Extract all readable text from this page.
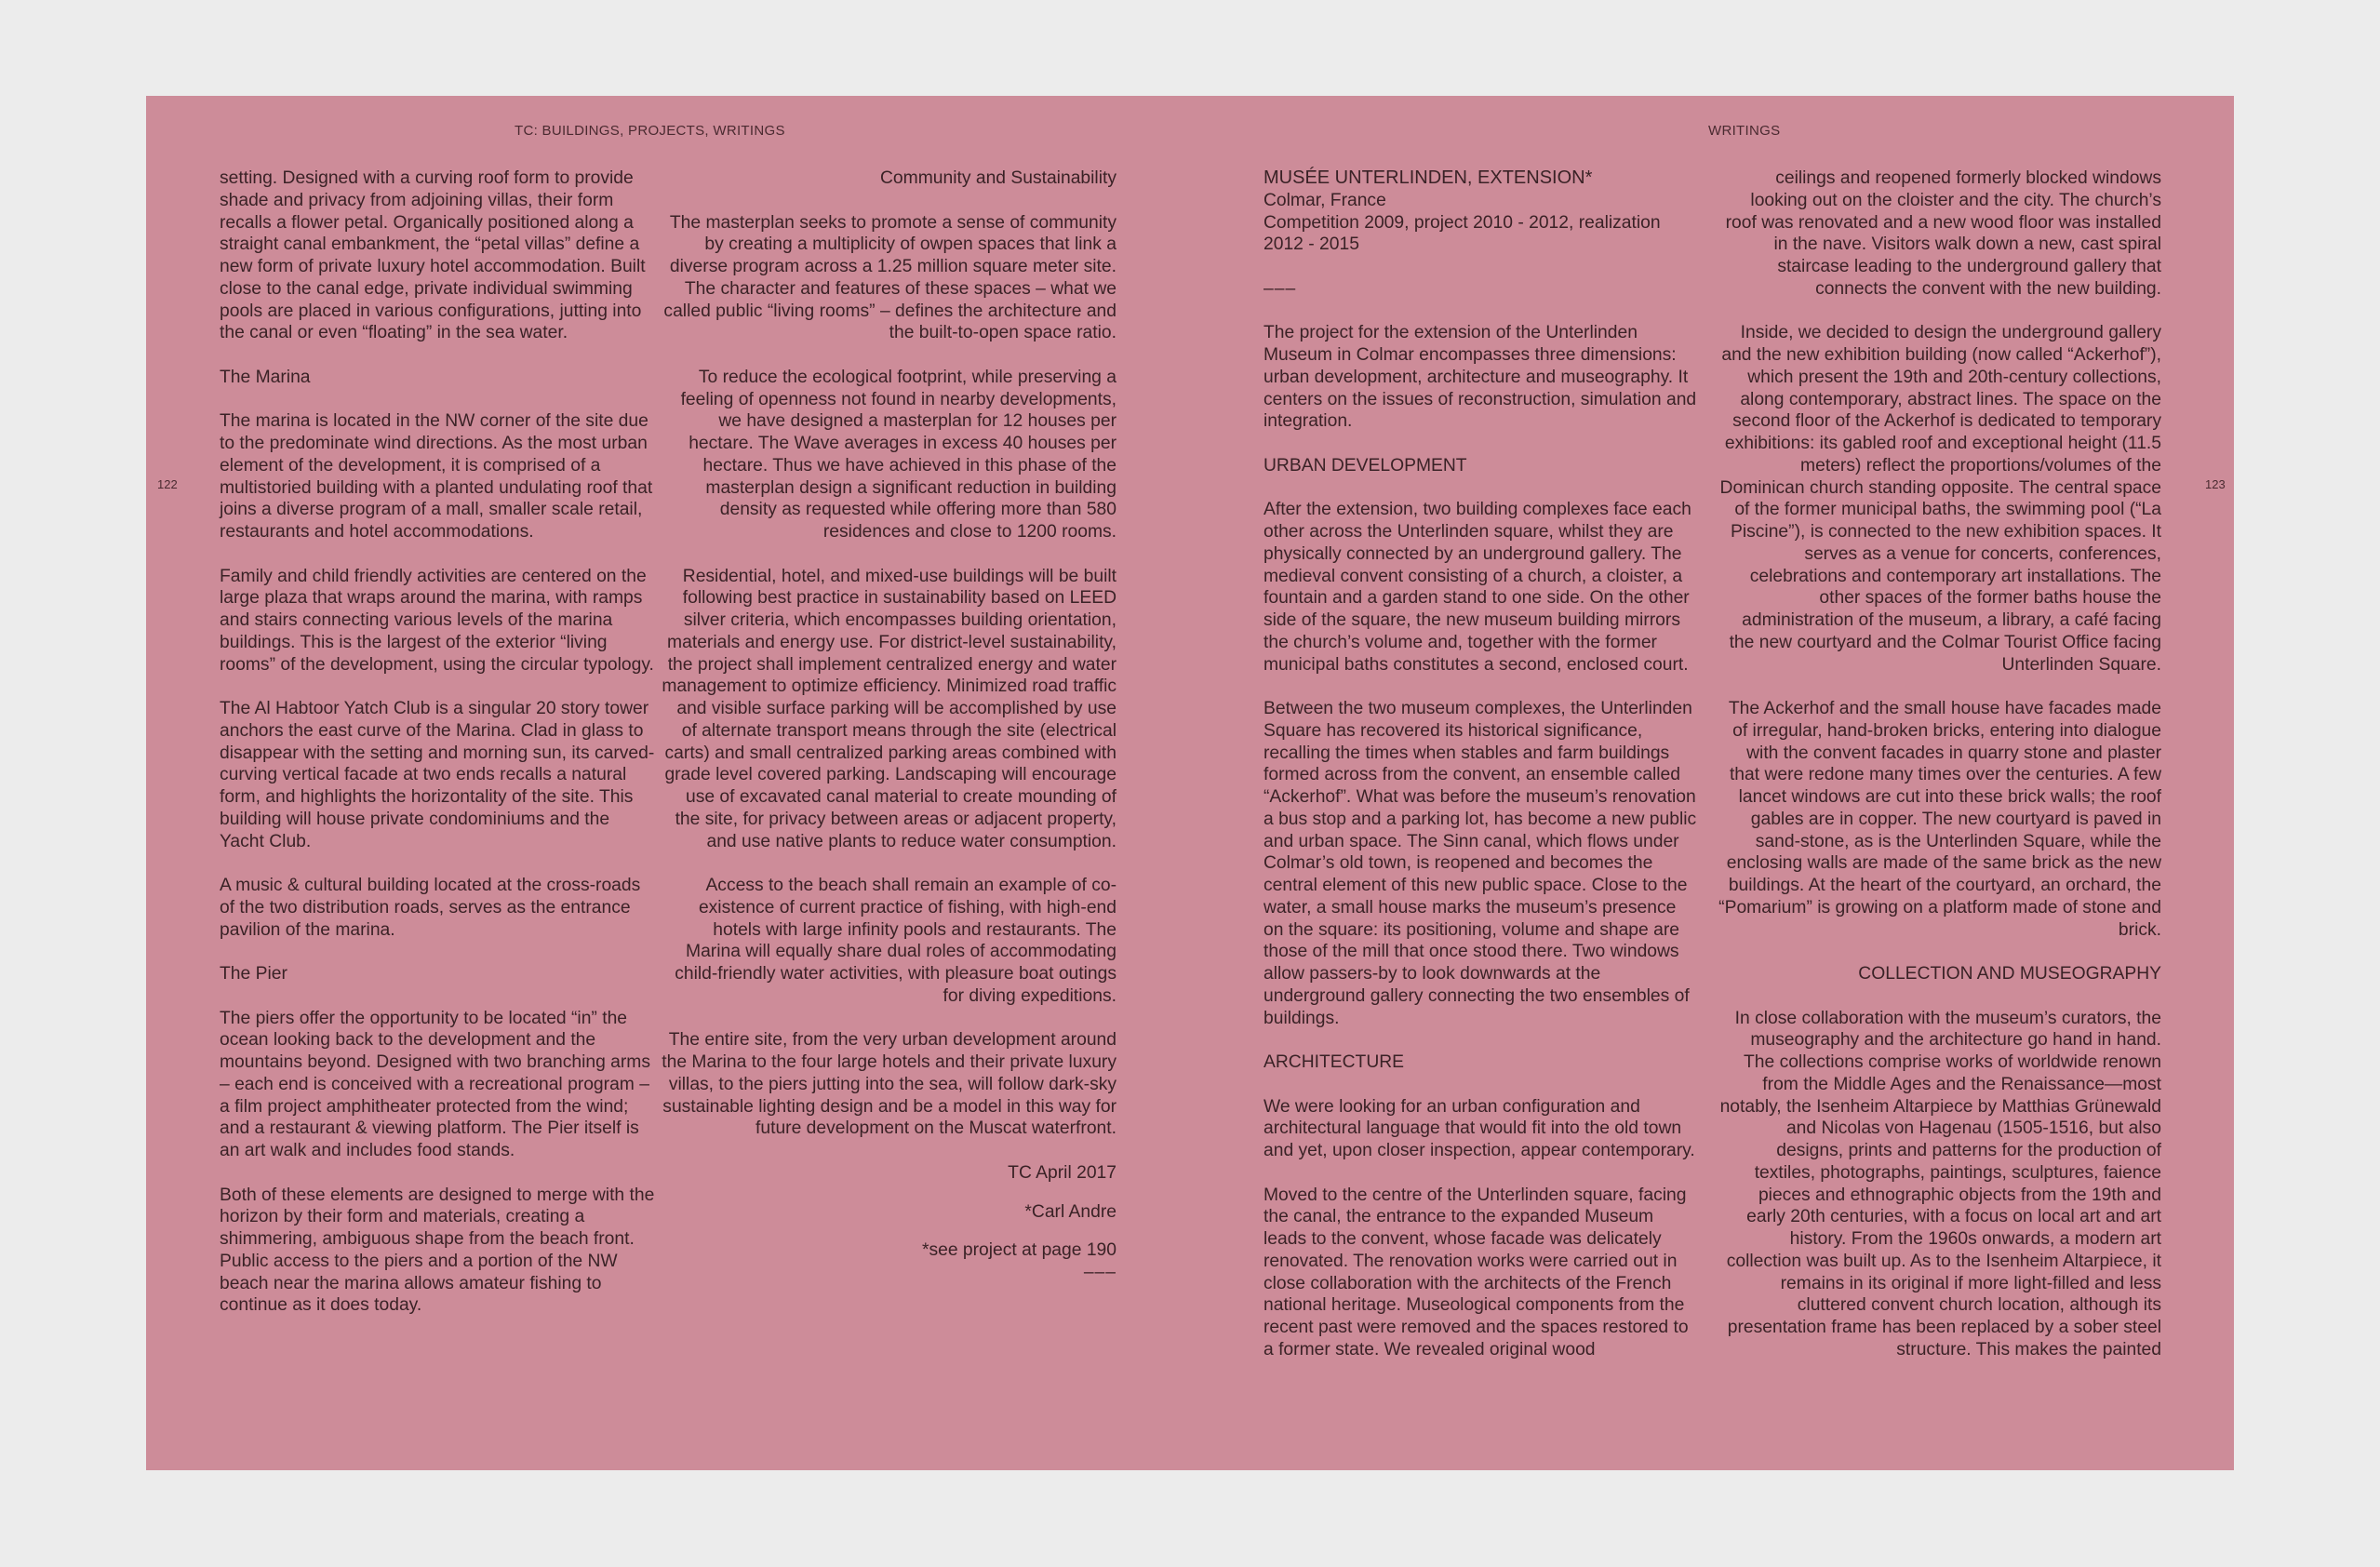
TC: BUILDINGS, PROJECTS, WRITINGS	WRITINGS
122	123

setting. Designed with a curving roof form to provide shade and privacy from adjoining villas, their form recalls a flower petal. Organically positioned along a straight canal embankment, the “petal villas” define a new form of private luxury hotel accommodation. Built close to the canal edge, private individual swimming pools are placed in various configurations, jutting into the canal or even “floating” in the sea water.

The Marina

The marina is located in the NW corner of the site due to the predominate wind directions. As the most urban element of the development, it is comprised of a multistoried building with a planted undulating roof that joins a diverse program of a mall, smaller scale retail, restaurants and hotel accommodations.

Family and child friendly activities are centered on the large plaza that wraps around the marina, with ramps and stairs connecting various levels of the marina buildings. This is the largest of the exterior “living rooms” of the development, using the circular typology.

The Al Habtoor Yatch Club is a singular 20 story tower anchors the east curve of the Marina. Clad in glass to disappear with the setting and morning sun, its carved-curving vertical facade at two ends recalls a natural form, and highlights the horizontality of the site. This building will house private condominiums and the Yacht Club.

A music & cultural building located at the cross-roads of the two distribution roads, serves as the entrance pavilion of the marina.

The Pier

The piers offer the opportunity to be located “in” the ocean looking back to the development and the mountains beyond. Designed with two branching arms – each end is conceived with a recreational program – a film project amphitheater protected from the wind; and a restaurant & viewing platform. The Pier itself is an art walk and includes food stands.

Both of these elements are designed to merge with the horizon by their form and materials, creating a shimmering, ambiguous shape from the beach front. Public access to the piers and a portion of the NW beach near the marina allows amateur fishing to continue as it does today.

Community and Sustainability

The masterplan seeks to promote a sense of community by creating a multiplicity of owpen spaces that link a diverse program across a 1.25 million square meter site. The character and features of these spaces – what we called public “living rooms” – defines the architecture and the built-to-open space ratio.

To reduce the ecological footprint, while preserving a feeling of openness not found in nearby developments, we have designed a masterplan for 12 houses per hectare. The Wave averages in excess 40 houses per hectare. Thus we have achieved in this phase of the masterplan design a significant reduction in building density as requested while offering more than 580 residences and close to 1200 rooms.

Residential, hotel, and mixed-use buildings will be built following best practice in sustainability based on LEED silver criteria, which encompasses building orientation, materials and energy use. For district-level sustainability, the project shall implement centralized energy and water management to optimize efficiency. Minimized road traffic and visible surface parking will be accomplished by use of alternate transport means through the site (electrical carts) and small centralized parking areas combined with grade level covered parking. Landscaping will encourage use of excavated canal material to create mounding of the site, for privacy between areas or adjacent property, and use native plants to reduce water consumption.

Access to the beach shall remain an example of co-existence of current practice of fishing, with high-end hotels with large infinity pools and restaurants. The Marina will equally share dual roles of accommodating child-friendly water activities, with pleasure boat outings for diving expeditions.

The entire site, from the very urban development around the Marina to the four large hotels and their private luxury villas, to the piers jutting into the sea, will follow dark-sky sustainable lighting design and be a model in this way for future development on the Muscat waterfront.

TC April 2017

*Carl Andre

*see project at page 190

–––

MUSÉE UNTERLINDEN, EXTENSION*

Colmar, France

Competition 2009, project 2010 - 2012, realization 2012 - 2015

–––

The project for the extension of the Unterlinden Museum in Colmar encompasses three dimensions: urban development, architecture and museography. It centers on the issues of reconstruction, simulation and integration.

URBAN DEVELOPMENT

After the extension, two building complexes face each other across the Unterlinden square, whilst they are physically connected by an underground gallery. The medieval convent consisting of a church, a cloister, a fountain and a garden stand to one side. On the other side of the square, the new museum building mirrors the church’s volume and, together with the former municipal baths constitutes a second, enclosed court.

Between the two museum complexes, the Unterlinden Square has recovered its historical significance, recalling the times when stables and farm buildings formed across from the convent, an ensemble called “Ackerhof”. What was before the museum’s renovation a bus stop and a parking lot, has become a new public and urban space. The Sinn canal, which flows under Colmar’s old town, is reopened and becomes the central element of this new public space. Close to the water, a small house marks the museum’s presence on the square: its positioning, volume and shape are those of the mill that once stood there. Two windows allow passers-by to look downwards at the underground gallery connecting the two ensembles of buildings.

ARCHITECTURE

We were looking for an urban configuration and architectural language that would fit into the old town and yet, upon closer inspection, appear contemporary.

Moved to the centre of the Unterlinden square, facing the canal, the entrance to the expanded Museum leads to the convent, whose facade was delicately renovated. The renovation works were carried out in close collaboration with the architects of the French national heritage. Museological components from the recent past were removed and the spaces restored to a former state. We revealed original wood

ceilings and reopened formerly blocked windows looking out on the cloister and the city. The church’s roof was renovated and a new wood floor was installed in the nave. Visitors walk down a new, cast spiral staircase leading to the underground gallery that connects the convent with the new building.

Inside, we decided to design the underground gallery and the new exhibition building (now called “Ackerhof”), which present the 19th and 20th-century collections, along contemporary, abstract lines. The space on the second floor of the Ackerhof is dedicated to temporary exhibitions: its gabled roof and exceptional height (11.5 meters) reflect the proportions/volumes of the Dominican church standing opposite. The central space of the former municipal baths, the swimming pool (“La Piscine”), is connected to the new exhibition spaces. It serves as a venue for concerts, conferences, celebrations and contemporary art installations. The other spaces of the former baths house the administration of the museum, a library, a café facing the new courtyard and the Colmar Tourist Office facing Unterlinden Square.

The Ackerhof and the small house have facades made of irregular, hand-broken bricks, entering into dialogue with the convent facades in quarry stone and plaster that were redone many times over the centuries. A few lancet windows are cut into these brick walls; the roof gables are in copper. The new courtyard is paved in sand-stone, as is the Unterlinden Square, while the enclosing walls are made of the same brick as the new buildings. At the heart of the courtyard, an orchard, the “Pomarium” is growing on a platform made of stone and brick.

COLLECTION AND MUSEOGRAPHY

In close collaboration with the museum’s curators, the museography and the architecture go hand in hand. The collections comprise works of worldwide renown from the Middle Ages and the Renaissance—most notably, the Isenheim Altarpiece by Matthias Grünewald and Nicolas von Hagenau (1505-1516, but also designs, prints and patterns for the production of textiles, photographs, paintings, sculptures, faience pieces and ethnographic objects from the 19th and early 20th centuries, with a focus on local art and art history. From the 1960s onwards, a modern art collection was built up. As to the Isenheim Altarpiece, it remains in its original if more light-filled and less cluttered convent church location, although its presentation frame has been replaced by a sober steel structure. This makes the painted
